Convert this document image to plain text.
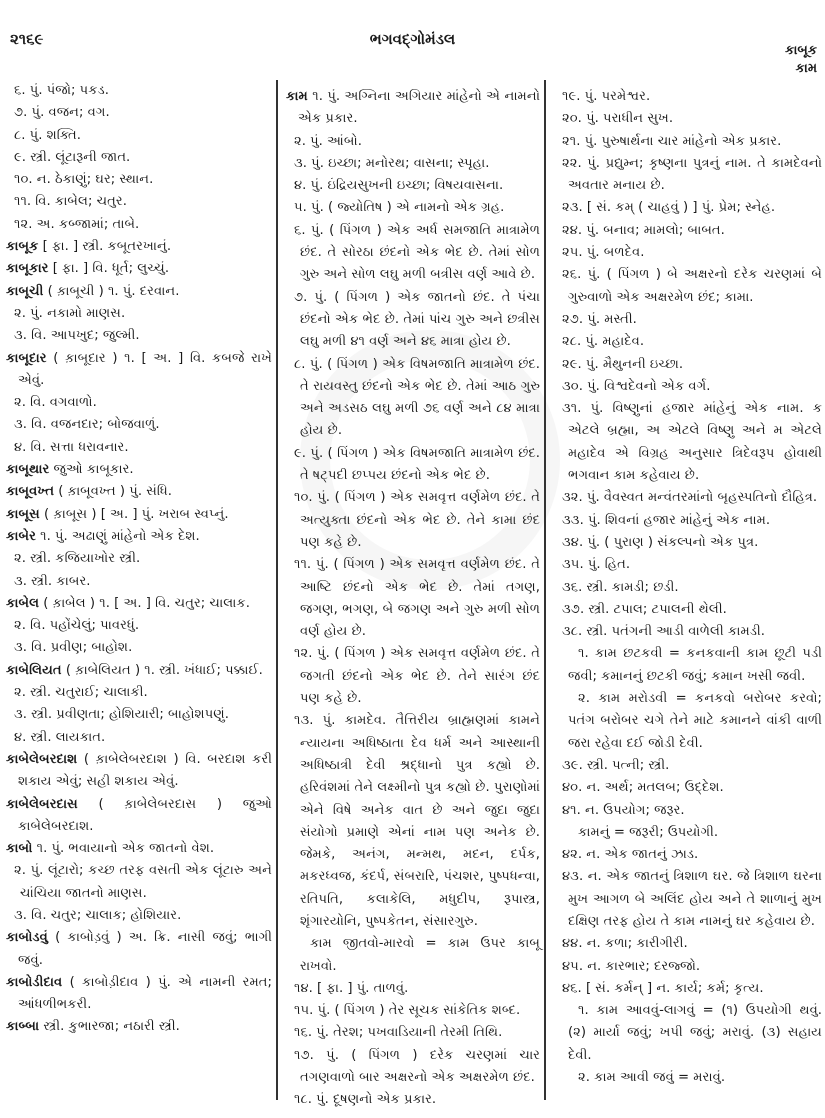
૨૧૬૯	ભગવદ્ગોમંડલ
કાબૂક
કામ

૬. પું. પંજો; પકડ.

૭. પું. વજન; વગ.

૮. પું. શક્તિ.

૯. સ્ત્રી. લૂંટારૂની જાત.

૧૦. ન. ઠેકાણું; ઘર; સ્થાન.

૧૧. વિ. કાબેલ; ચતુર.

૧૨. અ. કબ્જામાં; તાબે.

કાબૂક [ ફા. ] સ્ત્રી. કબૂતરખાનું.

કાબૂકાર [ ફા. ] વિ. ધૂર્ત; લુચ્ચું.

કાબૂચી ( ક઼ાબૂચી ) ૧. પું. દરવાન.

૨. પું. નકામો માણસ.

૩. વિ. આપખુદ; જુલ્મી.

કાબૂદાર ( ક઼ાબૂદાર ) ૧. [ અ. ] વિ. કબજે રાખે એવું.

૨. વિ. વગવાળો.

૩. વિ. વજનદાર; બોજવાળું.

૪. વિ. સત્તા ધરાવનાર.

કાબૂથાર જુઓ કાબૂકાર.

કાબૂવખ્ત ( ક઼ાબૂવખ્ત ) પું. સંધિ.

કાબૂસ ( ક઼ાબૂસ ) [ અ. ] પું. ખરાબ સ્વપ્નું.

કાબેર ૧. પું. અઢાણું માંહેનો એક દેશ.

૨. સ્ત્રી. કજિયાખોર સ્ત્રી.

૩. સ્ત્રી. કાબર.

કાબેલ ( ક઼ાબેલ ) ૧. [ અ. ] વિ. ચતુર; ચાલાક.

૨. વિ. પહોંચેલું; પાવરધું.

૩. વિ. પ્રવીણ; બાહોશ.

કાબેલિયત ( ક઼ાબેલિયત ) ૧. સ્ત્રી. ખંધાઈ; પક્કાઈ.

૨. સ્ત્રી. ચતુરાઈ; ચાલાકી.

૩. સ્ત્રી. પ્રવીણતા; હોશિયારી; બાહોશપણું.

૪. સ્ત્રી. લાયકાત.

કાબેલેબરદાશ ( ક઼ાબેલેબરદાશ ) વિ. બરદાશ કરી શકાય એવું; સહી શકાય એવું.

કાબેલેબરદાસ ( ક઼ાબેલેબરદાસ ) જુઓ કાબેલેબરદાશ.

કાબો ૧. પું. ભવાયાનો એક જાતનો વેશ.

૨. પું. લૂંટારો; કચ્છ તરફ વસતી એક લૂંટારુ અને ચાંચિયા જાતનો માણસ.

૩. વિ. ચતુર; ચાલાક; હોશિયાર.

કાબોડવું ( કાબોડ઼વું ) અ. ક્રિ. નાસી જવું; ભાગી જવું.

કાબોડીદાવ ( કાબોડ઼ીદાવ ) પું. એ નામની રમત; આંધળીભકરી.

કાબ્બા સ્ત્રી. કુભારજા; નઠારી સ્ત્રી.

કામ ૧. પું. અગ્નિના અગિયાર માંહેનો એ નામનો એક પ્રકાર.

૨. પું. આંબો.

૩. પું. ઇચ્છા; મનોરથ; વાસના; સ્પૃહા.

૪. પું. ઇંદ્રિયસુખની ઇચ્છા; વિષયવાસના.

૫. પું. ( જ્યોતિષ ) એ નામનો એક ગ્રહ.

૬. પું. ( પિંગળ ) એક અર્ધ સમજાતિ માત્રામેળ છંદ. તે સોરઠા છંદનો એક ભેદ છે. તેમાં સોળ ગુરુ અને સોળ લઘુ મળી બત્રીસ વર્ણ આવે છે.

૭. પું. ( પિંગળ ) એક જાતનો છંદ. તે પંચા છંદનો એક ભેદ છે. તેમાં પાંચ ગુરુ અને છત્રીસ લઘુ મળી ૪૧ વર્ણ અને ૪૬ માત્રા હોય છે.

૮. પું. ( પિંગળ ) એક વિષમજાતિ માત્રામેળ છંદ. તે રાયવસ્તુ છંદનો એક ભેદ છે. તેમાં આઠ ગુરુ અને અડસઠ લઘુ મળી ૭૬ વર્ણ અને ૮૪ માત્રા હોય છે.

૯. પું. ( પિંગળ ) એક વિષમજાતિ માત્રામેળ છંદ. તે ષટ્પદી છપ્પય છંદનો એક ભેદ છે.

૧૦. પું. ( પિંગળ ) એક સમવૃત્ત વર્ણમેળ છંદ. તે અત્યુક્તા છંદનો એક ભેદ છે. તેને કામા છંદ પણ કહે છે.

૧૧. પું. ( પિંગળ ) એક સમવૃત્ત વર્ણમેળ છંદ. તે આષ્ટિ છંદનો એક ભેદ છે. તેમાં તગણ, જગણ, ભગણ, બે જગણ અને ગુરુ મળી સોળ વર્ણ હોય છે.

૧૨. પું. ( પિંગળ ) એક સમવૃત્ત વર્ણમેળ છંદ. તે જગતી છંદનો એક ભેદ છે. તેને સારંગ છંદ પણ કહે છે.

૧૩. પું. કામદેવ. તૈત્તિરીય બ્રાહ્મણમાં કામને ન્યાયના અધિષ્ઠાતા દેવ ધર્મ અને આસ્થાની અધિષ્ઠાત્રી દેવી શ્રદ્ધાનો પુત્ર કહ્યો છે. હરિવંશમાં તેને લક્ષ્મીનો પુત્ર કહ્યો છે. પુરાણોમાં એને વિષે અનેક વાત છે અને જુદા જુદા સંયોગો પ્રમાણે એનાં નામ પણ અનેક છે. જેમકે, અનંગ, મન્મથ, મદન, દર્પક, મકરધ્વજ, કંદર્પ, સંબરારિ, પંચશર, પુષ્પધન્વા, રતિપતિ, કલાકેલિ, મધુદીપ, રૂપાસ્ત્ર, શૃંગારયોનિ, પુષ્પકેતન, સંસારગુરુ.

કામ જીતવો-મારવો = કામ ઉપર કાબૂ રાખવો.

૧૪. [ ફા. ] પું. તાળવું.

૧૫. પું. ( પિંગળ ) તેર સૂચક સાંકેતિક શબ્દ.

૧૬. પું. તેરશ; પખવાડિયાની તેરમી તિથિ.

૧૭. પું. ( પિંગળ ) દરેક ચરણમાં ચાર તગણવાળો બાર અક્ષરનો એક અક્ષરમેળ છંદ.

૧૮. પું. દૂષણનો એક પ્રકાર.

૧૯. પું. પરમેશ્વર.

૨૦. પું. પરાધીન સુખ.

૨૧. પું. પુરુષાર્થના ચાર માંહેનો એક પ્રકાર.

૨૨. પું. પ્રદ્યુમ્ન; કૃષ્ણના પુત્રનું નામ. તે કામદેવનો અવતાર મનાય છે.

૨૩. [ સં. કમ્ ( ચાહવું ) ] પું. પ્રેમ; સ્નેહ.

૨૪. પું. બનાવ; મામલો; બાબત.

૨૫. પું. બળદેવ.

૨૬. પું. ( પિંગળ ) બે અક્ષરનો દરેક ચરણમાં બે ગુરુવાળો એક અક્ષરમેળ છંદ; કામા.

૨૭. પું. મસ્તી.

૨૮. પું. મહાદેવ.

૨૯. પું. મૈથુનની ઇચ્છા.

૩૦. પું. વિશ્વદેવનો એક વર્ગ.

૩૧. પું. વિષ્ણુનાં હજાર માંહેનું એક નામ. ક એટલે બ્રહ્મા, અ એટલે વિષ્ણુ અને મ એટલે મહાદેવ એ વિગ્રહ અનુસાર ત્રિદેવરૂપ હોવાથી ભગવાન કામ કહેવાય છે.

૩૨. પું. વૈવસ્વત મન્વંતરમાંનો બૃહસ્પતિનો દૌહિત્ર.

૩૩. પું. શિવનાં હજાર માંહેનું એક નામ.

૩૪. પું. ( પુરાણ ) સંકલ્પનો એક પુત્ર.

૩૫. પું. હિત.

૩૬. સ્ત્રી. કામડી; છડી.

૩૭. સ્ત્રી. ટપાલ; ટપાલની થેલી.

૩૮. સ્ત્રી. પતંગની આડી વાળેલી કામડી.

૧. કામ છટકવી = કનકવાની કામ છૂટી પડી જવી; કમાનનું છટકી જવું; કમાન ખસી જવી.

૨. કામ મરોડવી = કનકવો બરોબર કરવો; પતંગ બરોબર ચગે તેને માટે કમાનને વાંકી વાળી જરા રહેવા દઈ જોડી દેવી.

૩૯. સ્ત્રી. પત્ની; સ્ત્રી.

૪૦. ન. અર્થ; મતલબ; ઉદ્દેશ.

૪૧. ન. ઉપયોગ; જરૂર.

કામનું = જરૂરી; ઉપયોગી.

૪૨. ન. એક જાતનું ઝાડ.

૪૩. ન. એક જાતનું ત્રિશાળ ઘર. જે ત્રિશાળ ઘરના મુખ આગળ બે અલિંદ હોય અને તે શાળાનું મુખ દક્ષિણ તરફ હોય તે કામ નામનું ઘર કહેવાય છે.

૪૪. ન. કળા; કારીગીરી.

૪૫. ન. કારભાર; દરજ્જો.

૪૬. [ સં. કર્મન્ ] ન. કાર્ય; કર્મ; કૃત્ય.

૧. કામ આવવું-લાગવું = (૧) ઉપયોગી થવું. (૨) માર્યા જવું; ખપી જવું; મરાવું. (૩) સહાય દેવી.

૨. કામ આવી જવું = મરાવું.
